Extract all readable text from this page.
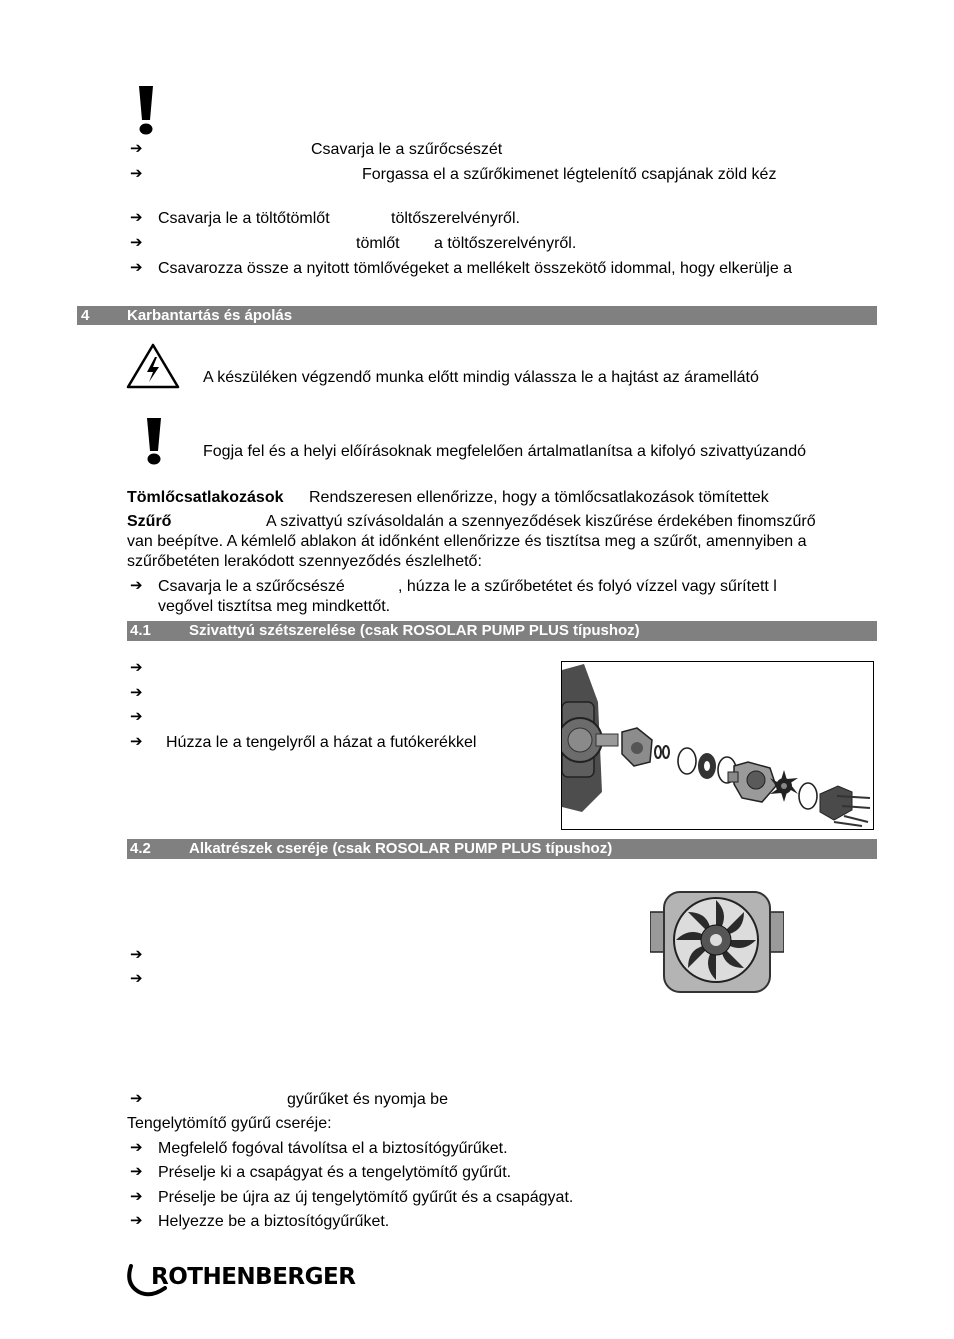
➔	Csavarja le a szűrőcsészét
➔	Forgassa el a szűrőkimenet légtelenítő csapjának zöld kéz
➔ Csavarja le a töltőtömlőt	töltőszerelvényről.
➔	tömlőt a töltőszerelvényről.
➔ Csavarozza össze a nyitott tömlővégeket a mellékelt összekötő idommal, hogy elkerülje a
4	Karbantartás és ápolás
A készüléken végzendő munka előtt mindig válassza le a hajtást az áramellátó
Fogja fel és a helyi előírásoknak megfelelően ártalmatlanítsa a kifolyó szivattyúzandó
Tömlőcsatlakozások Rendszeresen ellenőrizze, hogy a tömlőcsatlakozások tömítettek
Szűrő	A szivattyú szívásoldalán a szennyeződések kiszűrése érdekében finomszűrő
van beépítve. A kémlelő ablakon át időnként ellenőrizze és tisztítsa meg a szűrőt, amennyiben a
szűrőbetéten lerakódott szennyeződés észlelhető:
➔ Csavarja le a szűrőcsészé	, húzza le a szűrőbetétet és folyó vízzel vagy sűrített l
vegővel tisztítsa meg mindkettőt.
4.1	Szivattyú szétszerelése (csak ROSOLAR PUMP PLUS típushoz)
➔
➔
➔
➔ Húzza le a tengelyről a házat a futókerékkel
4.2	Alkatrészek cseréje (csak ROSOLAR PUMP PLUS típushoz)
➔
➔
➔	gyűrűket és nyomja be
Tengelytömítő gyűrű cseréje:
➔ Megfelelő fogóval távolítsa el a biztosítógyűrűket.
➔ Préselje ki a csapágyat és a tengelytömítő gyűrűt.
➔ Préselje be újra az új tengelytömítő gyűrűt és a csapágyat.
➔ Helyezze be a biztosítógyűrűket.
ROTHENBERGER
